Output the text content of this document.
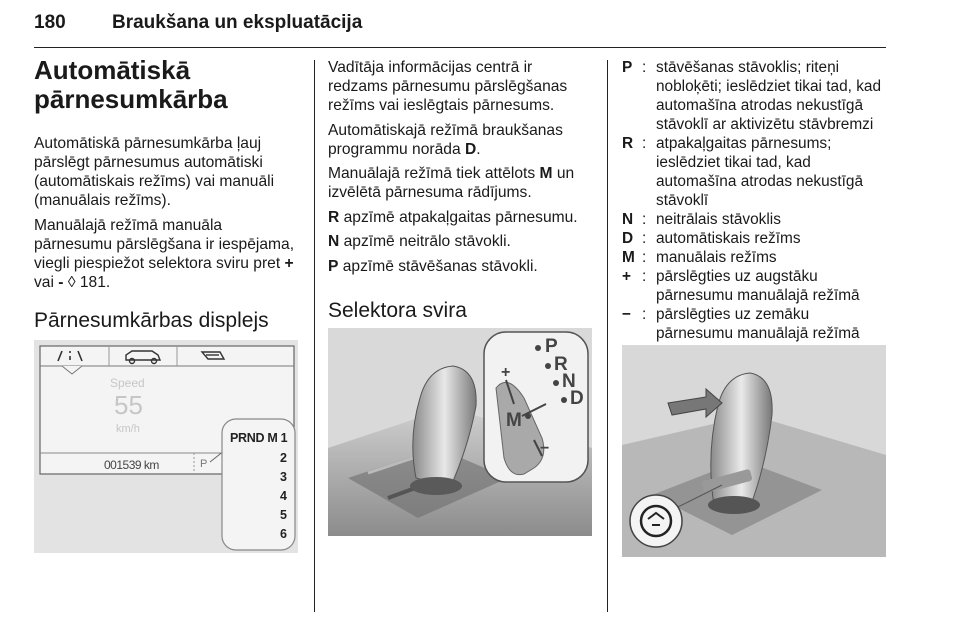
180 Braukšana un ekspluatācija
Automātiskā pārnesumkārba

Automātiskā pārnesumkārba ļauj pārslēgt pārnesumus automātiski (automātiskais režīms) vai manuāli (manuālais režīms).

Manuālajā režīmā manuāla pārnesumu pārslēgšana ir iespējama, viegli piespiežot selektora sviru pret + vai - ◊ 181.

Pārnesumkārbas displejs
Speed
55
km/h
001539 km	P
PRND M 1
2
3
4
5
6

Vadītāja informācijas centrā ir redzams pārnesumu pārslēgšanas režīms vai ieslēgtais pārnesums.

Automātiskajā režīmā braukšanas programmu norāda D.

Manuālajā režīmā tiek attēlots M un izvēlētā pārnesuma rādījums.

R apzīmē atpakaļgaitas pārnesumu.

N apzīmē neitrālo stāvokli.

P apzīmē stāvēšanas stāvokli.

Selektora svira
P
R
N
D
M
+
−
P : stāvēšanas stāvoklis; riteņi nobloķēti; ieslēdziet tikai tad, kad automašīna atrodas nekustīgā stāvoklī ar aktivizētu stāvbremzi
R : atpakaļgaitas pārnesums; ieslēdziet tikai tad, kad automašīna atrodas nekustīgā stāvoklī
N : neitrālais stāvoklis
D : automātiskais režīms
M : manuālais režīms
+ : pārslēgties uz augstāku pārnesumu manuālajā režīmā
− : pārslēgties uz zemāku pārnesumu manuālajā režīmā
